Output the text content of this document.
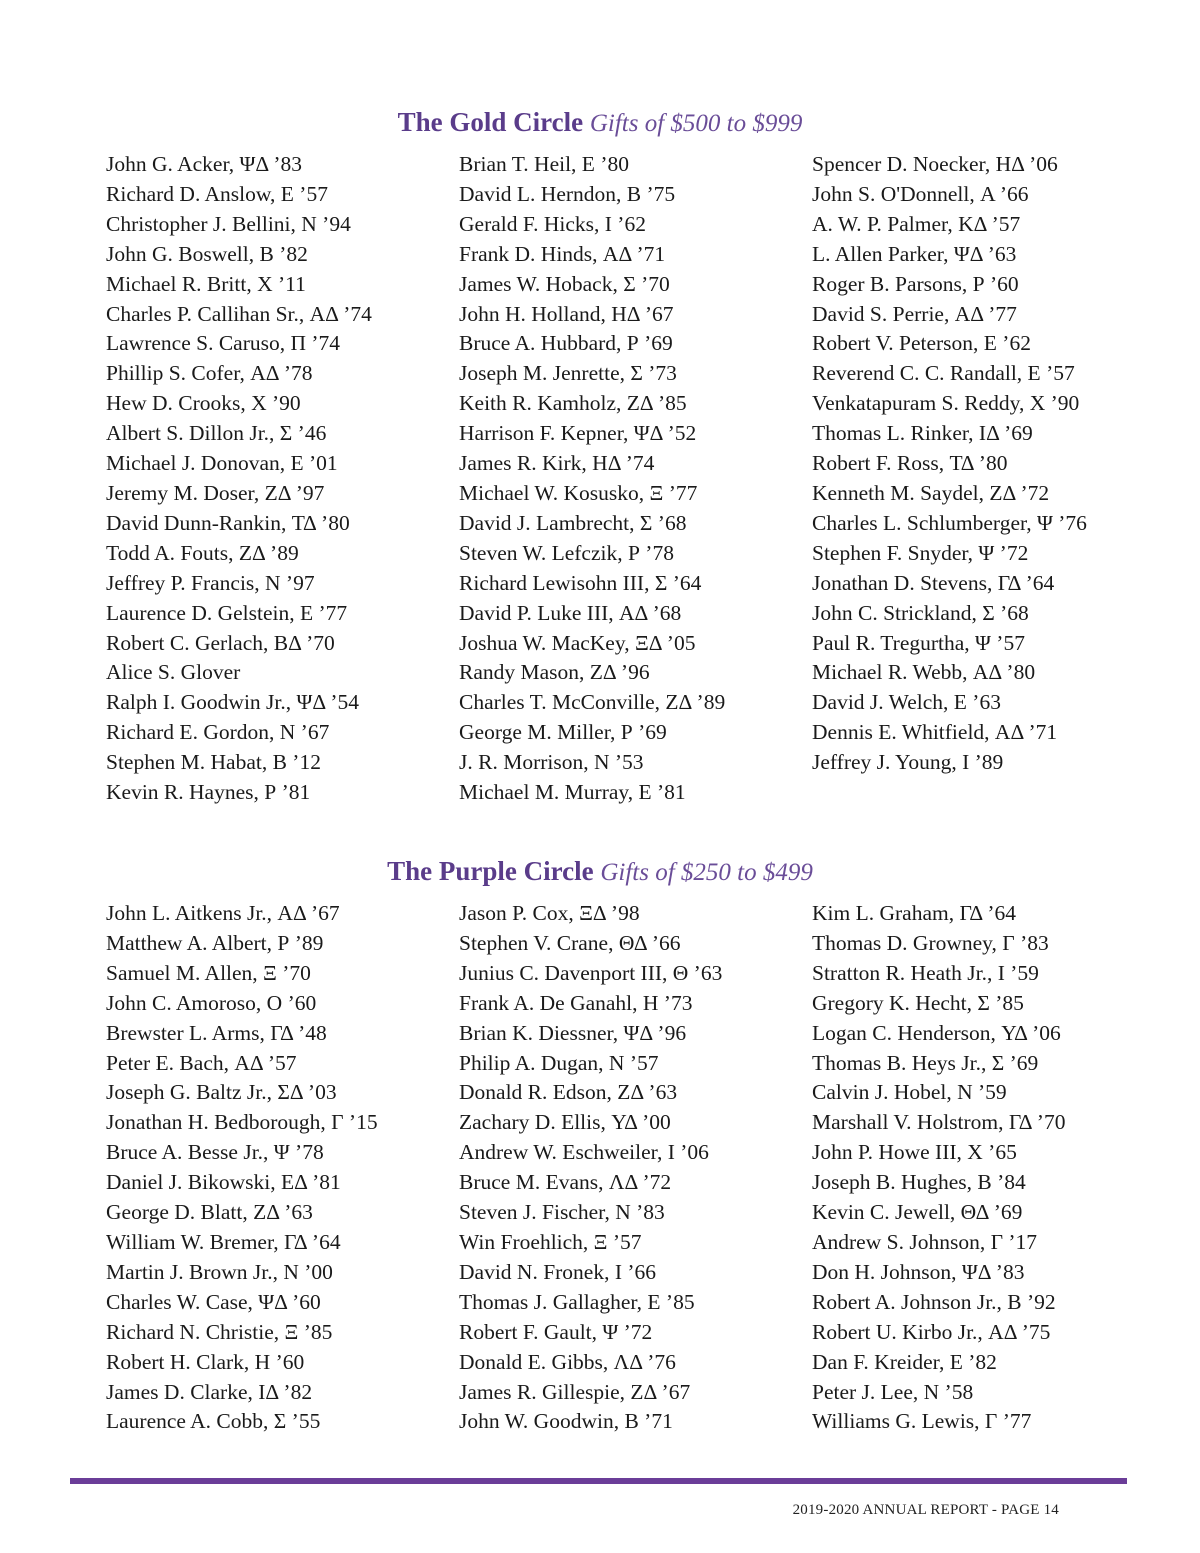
The Gold Circle Gifts of $500 to $999
John G. Acker, ΨΔ ’83
Richard D. Anslow, Ε ’57
Christopher J. Bellini, Ν ’94
John G. Boswell, Β ’82
Michael R. Britt, Χ ’11
Charles P. Callihan Sr., ΑΔ ’74
Lawrence S. Caruso, Π ’74
Phillip S. Cofer, ΑΔ ’78
Hew D. Crooks, Χ ’90
Albert S. Dillon Jr., Σ ’46
Michael J. Donovan, Ε ’01
Jeremy M. Doser, ΖΔ ’97
David Dunn-Rankin, ΤΔ ’80
Todd A. Fouts, ΖΔ ’89
Jeffrey P. Francis, Ν ’97
Laurence D. Gelstein, Ε ’77
Robert C. Gerlach, ΒΔ ’70
Alice S. Glover
Ralph I. Goodwin Jr., ΨΔ ’54
Richard E. Gordon, Ν ’67
Stephen M. Habat, Β ’12
Kevin R. Haynes, Ρ ’81
Brian T. Heil, Ε ’80
David L. Herndon, Β ’75
Gerald F. Hicks, Ι ’62
Frank D. Hinds, ΑΔ ’71
James W. Hoback, Σ ’70
John H. Holland, ΗΔ ’67
Bruce A. Hubbard, Ρ ’69
Joseph M. Jenrette, Σ ’73
Keith R. Kamholz, ΖΔ ’85
Harrison F. Kepner, ΨΔ ’52
James R. Kirk, ΗΔ ’74
Michael W. Kosusko, Ξ ’77
David J. Lambrecht, Σ ’68
Steven W. Lefczik, Ρ ’78
Richard Lewisohn III, Σ ’64
David P. Luke III, ΑΔ ’68
Joshua W. MacKey, ΞΔ ’05
Randy Mason, ΖΔ ’96
Charles T. McConville, ΖΔ ’89
George M. Miller, Ρ ’69
J. R. Morrison, Ν ’53
Michael M. Murray, Ε ’81
Spencer D. Noecker, ΗΔ ’06
John S. O'Donnell, Α ’66
A. W. P. Palmer, ΚΔ ’57
L. Allen Parker, ΨΔ ’63
Roger B. Parsons, Ρ ’60
David S. Perrie, ΑΔ ’77
Robert V. Peterson, Ε ’62
Reverend C. C. Randall, Ε ’57
Venkatapuram S. Reddy, Χ ’90
Thomas L. Rinker, ΙΔ ’69
Robert F. Ross, ΤΔ ’80
Kenneth M. Saydel, ΖΔ ’72
Charles L. Schlumberger, Ψ ’76
Stephen F. Snyder, Ψ ’72
Jonathan D. Stevens, ΓΔ ’64
John C. Strickland, Σ ’68
Paul R. Tregurtha, Ψ ’57
Michael R. Webb, ΑΔ ’80
David J. Welch, Ε ’63
Dennis E. Whitfield, ΑΔ ’71
Jeffrey J. Young, Ι ’89
The Purple Circle Gifts of $250 to $499
John L. Aitkens Jr., ΑΔ ’67
Matthew A. Albert, Ρ ’89
Samuel M. Allen, Ξ ’70
John C. Amoroso, Ο ’60
Brewster L. Arms, ΓΔ ’48
Peter E. Bach, ΑΔ ’57
Joseph G. Baltz Jr., ΣΔ ’03
Jonathan H. Bedborough, Γ ’15
Bruce A. Besse Jr., Ψ ’78
Daniel J. Bikowski, ΕΔ ’81
George D. Blatt, ΖΔ ’63
William W. Bremer, ΓΔ ’64
Martin J. Brown Jr., Ν ’00
Charles W. Case, ΨΔ ’60
Richard N. Christie, Ξ ’85
Robert H. Clark, Η ’60
James D. Clarke, ΙΔ ’82
Laurence A. Cobb, Σ ’55
Jason P. Cox, ΞΔ ’98
Stephen V. Crane, ΘΔ ’66
Junius C. Davenport III, Θ ’63
Frank A. De Ganahl, Η ’73
Brian K. Diessner, ΨΔ ’96
Philip A. Dugan, Ν ’57
Donald R. Edson, ΖΔ ’63
Zachary D. Ellis, ΥΔ ’00
Andrew W. Eschweiler, Ι ’06
Bruce M. Evans, ΛΔ ’72
Steven J. Fischer, Ν ’83
Win Froehlich, Ξ ’57
David N. Fronek, Ι ’66
Thomas J. Gallagher, Ε ’85
Robert F. Gault, Ψ ’72
Donald E. Gibbs, ΛΔ ’76
James R. Gillespie, ΖΔ ’67
John W. Goodwin, Β ’71
Kim L. Graham, ΓΔ ’64
Thomas D. Growney, Γ ’83
Stratton R. Heath Jr., Ι ’59
Gregory K. Hecht, Σ ’85
Logan C. Henderson, ΥΔ ’06
Thomas B. Heys Jr., Σ ’69
Calvin J. Hobel, Ν ’59
Marshall V. Holstrom, ΓΔ ’70
John P. Howe III, Χ ’65
Joseph B. Hughes, Β ’84
Kevin C. Jewell, ΘΔ ’69
Andrew S. Johnson, Γ ’17
Don H. Johnson, ΨΔ ’83
Robert A. Johnson Jr., Β ’92
Robert U. Kirbo Jr., ΑΔ ’75
Dan F. Kreider, Ε ’82
Peter J. Lee, Ν ’58
Williams G. Lewis, Γ ’77
2019-2020 ANNUAL REPORT - PAGE 14
